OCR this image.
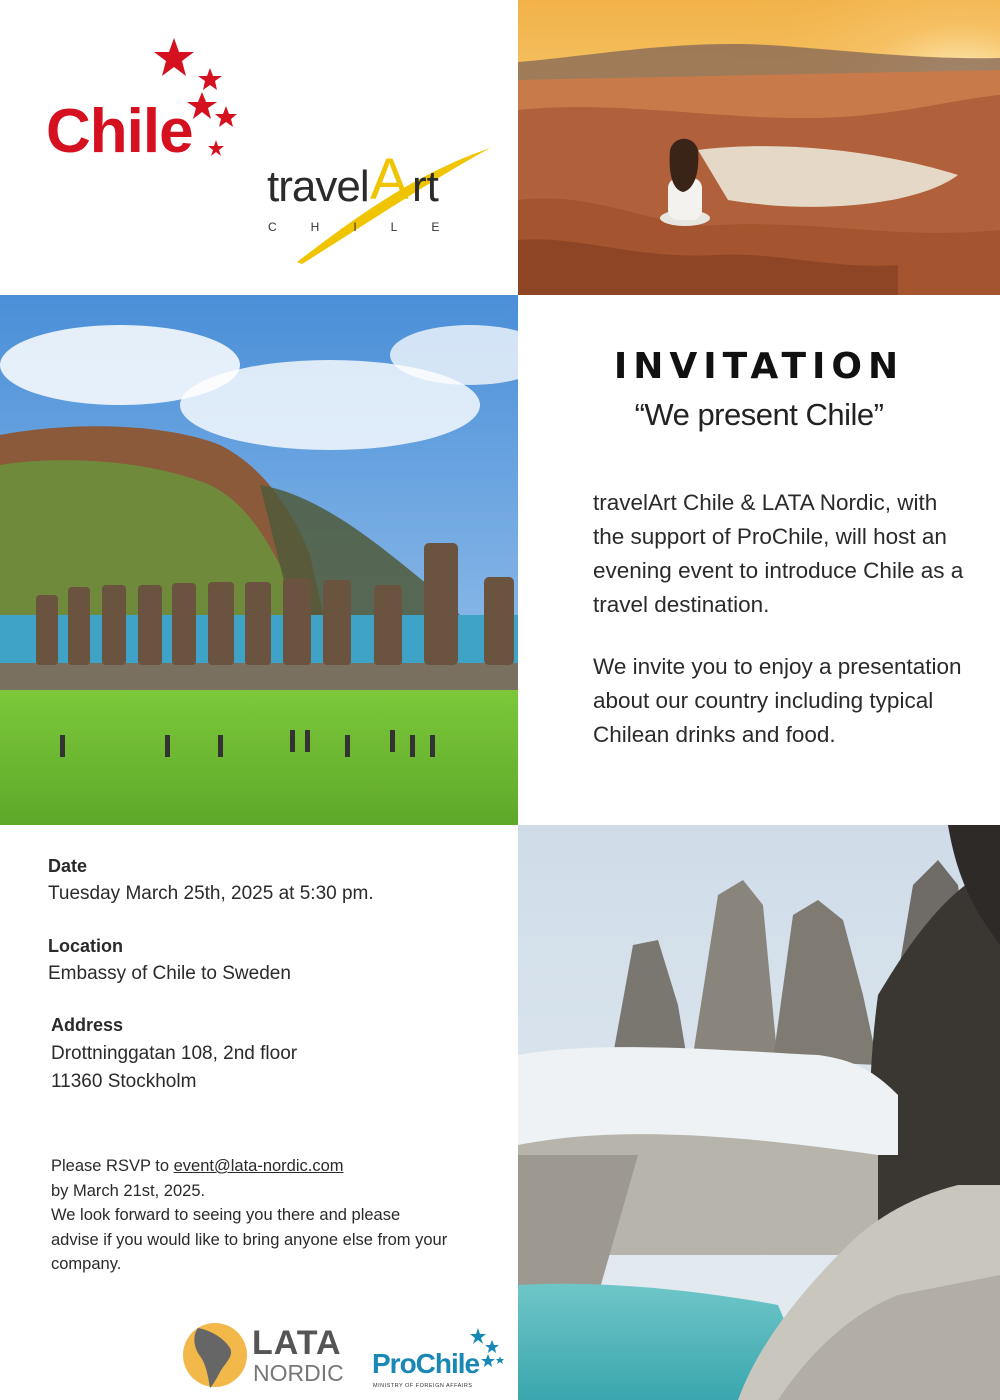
Chile
travel A rt
CHILE
INVITATION
“We present Chile”

travelArt Chile & LATA Nordic, with the support of ProChile, will host an evening event to introduce Chile as a travel destination.

We invite you to enjoy a presentation about our country including typical Chilean drinks and food.

Date
Tuesday March 25th, 2025 at 5:30 pm.
Location
Embassy of Chile to Sweden
Address
Drottninggatan 108, 2nd floor
11360 Stockholm
Please RSVP to event@lata-nordic.com
by March 21st, 2025.
We look forward to seeing you there and please advise if you would like to bring anyone else from your company.
LATA
NORDIC ProChile
MINISTRY OF FOREIGN AFFAIRS
